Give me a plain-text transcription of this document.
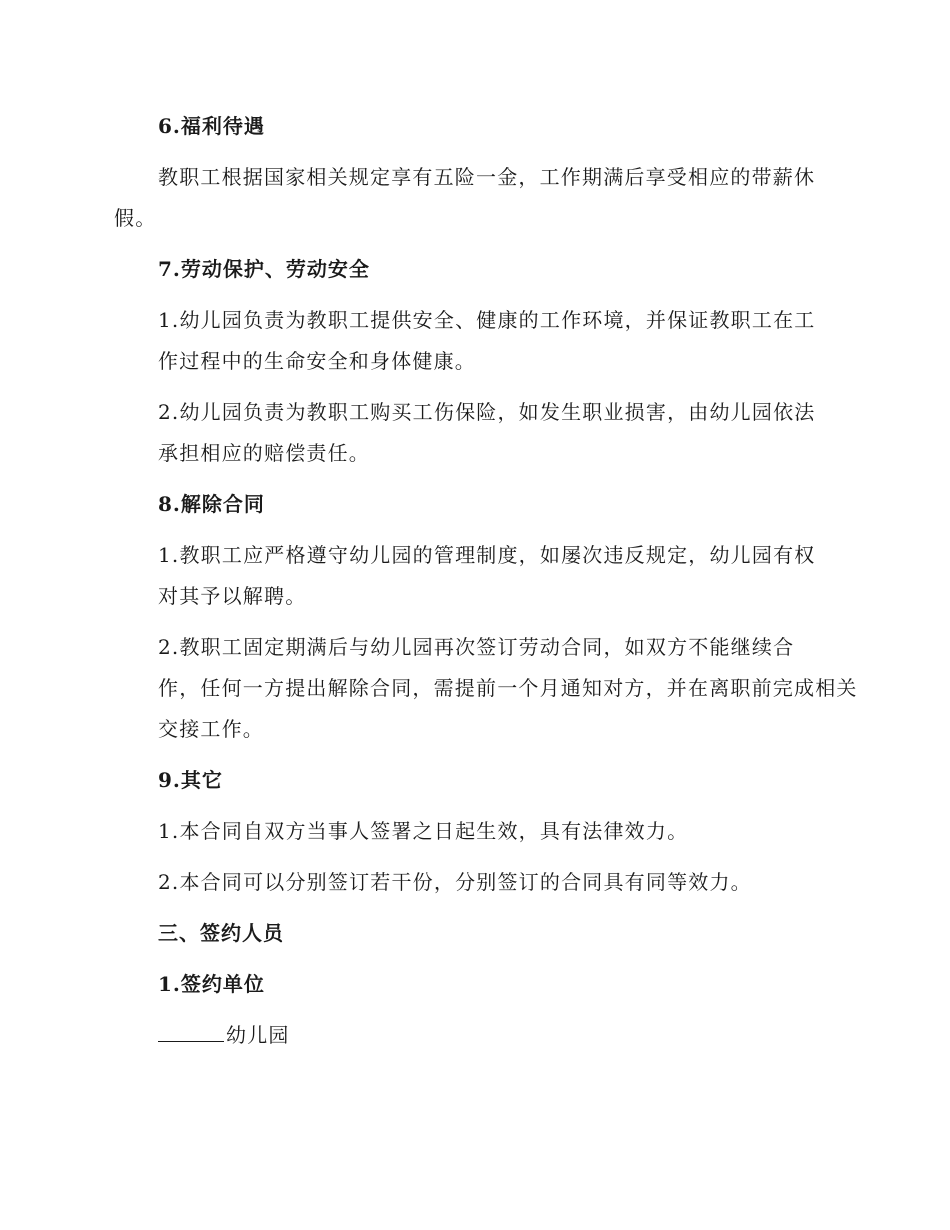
6.福利待遇
教职工根据国家相关规定享有五险一金，工作期满后享受相应的带薪休
假。
7.劳动保护、劳动安全
1.幼儿园负责为教职工提供安全、健康的工作环境，并保证教职工在工
作过程中的生命安全和身体健康。
2.幼儿园负责为教职工购买工伤保险，如发生职业损害，由幼儿园依法
承担相应的赔偿责任。
8.解除合同
1.教职工应严格遵守幼儿园的管理制度，如屡次违反规定，幼儿园有权
对其予以解聘。
2.教职工固定期满后与幼儿园再次签订劳动合同，如双方不能继续合
作，任何一方提出解除合同，需提前一个月通知对方，并在离职前完成相关
交接工作。
9.其它
1.本合同自双方当事人签署之日起生效，具有法律效力。
2.本合同可以分别签订若干份，分别签订的合同具有同等效力。
三、签约人员
1.签约单位
幼儿园
